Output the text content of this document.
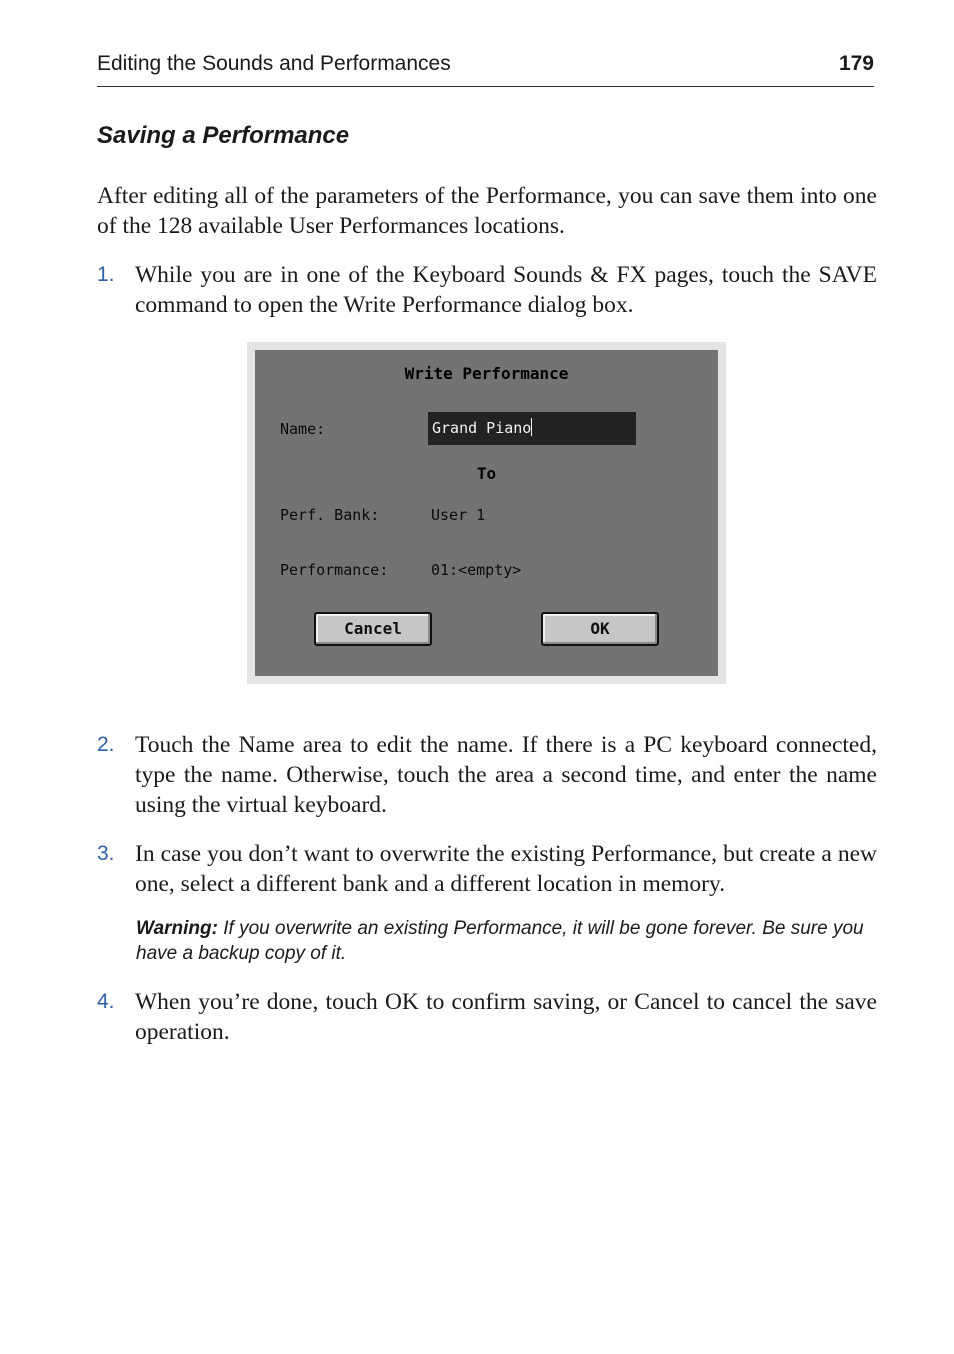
Editing the Sounds and Performances	179
Saving a Performance
After editing all of the parameters of the Performance, you can save them into one of the 128 available User Performances locations.
1. While you are in one of the Keyboard Sounds & FX pages, touch the SAVE command to open the Write Performance dialog box.
Write Performance
Name:	Grand Piano
To
Perf. Bank:	User 1
Performance:	01:<empty>
Cancel	OK
2. Touch the Name area to edit the name. If there is a PC keyboard connected, type the name. Otherwise, touch the area a second time, and enter the name using the virtual keyboard.
3. In case you don’t want to overwrite the existing Performance, but create a new one, select a different bank and a different location in memory.
Warning: If you overwrite an existing Performance, it will be gone forever. Be sure you have a backup copy of it.
4. When you’re done, touch OK to confirm saving, or Cancel to cancel the save operation.
